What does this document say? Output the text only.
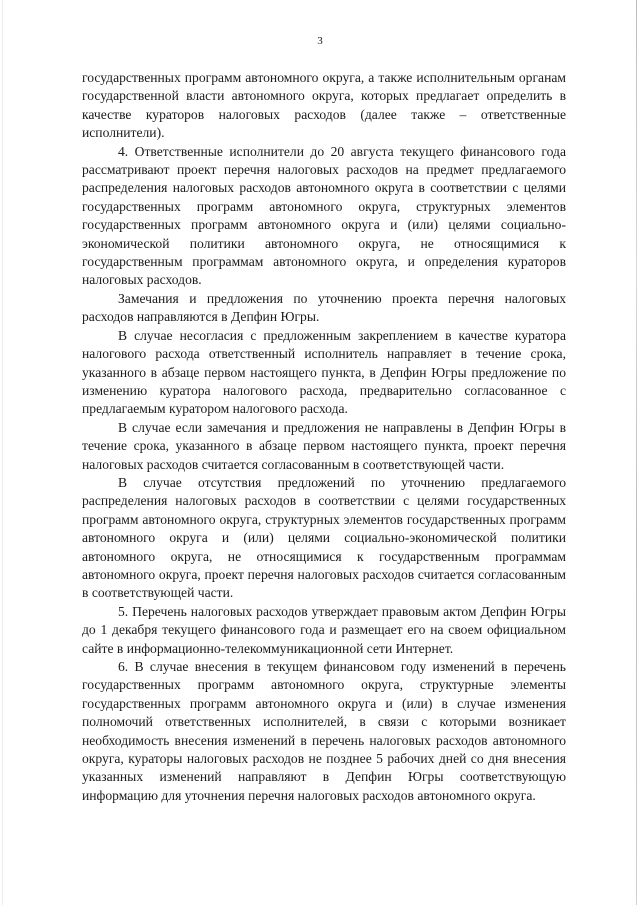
3

государственных программ автономного округа, а также исполнительным органам государственной власти автономного округа, которых предлагает определить в качестве кураторов налоговых расходов (далее также – ответственные исполнители).

4. Ответственные исполнители до 20 августа текущего финансового года рассматривают проект перечня налоговых расходов на предмет предлагаемого распределения налоговых расходов автономного округа в соответствии с целями государственных программ автономного округа, структурных элементов государственных программ автономного округа и (или) целями социально-экономической политики автономного округа, не относящимися к государственным программам автономного округа, и определения кураторов налоговых расходов.

Замечания и предложения по уточнению проекта перечня налоговых расходов направляются в Депфин Югры.

В случае несогласия с предложенным закреплением в качестве куратора налогового расхода ответственный исполнитель направляет в течение срока, указанного в абзаце первом настоящего пункта, в Депфин Югры предложение по изменению куратора налогового расхода, предварительно согласованное с предлагаемым куратором налогового расхода.

В случае если замечания и предложения не направлены в Депфин Югры в течение срока, указанного в абзаце первом настоящего пункта, проект перечня налоговых расходов считается согласованным в соответствующей части.

В случае отсутствия предложений по уточнению предлагаемого распределения налоговых расходов в соответствии с целями государственных программ автономного округа, структурных элементов государственных программ автономного округа и (или) целями социально-экономической политики автономного округа, не относящимися к государственным программам автономного округа, проект перечня налоговых расходов считается согласованным в соответствующей части.

5. Перечень налоговых расходов утверждает правовым актом Депфин Югры до 1 декабря текущего финансового года и размещает его на своем официальном сайте в информационно-телекоммуникационной сети Интернет.

6. В случае внесения в текущем финансовом году изменений в перечень государственных программ автономного округа, структурные элементы государственных программ автономного округа и (или) в случае изменения полномочий ответственных исполнителей, в связи с которыми возникает необходимость внесения изменений в перечень налоговых расходов автономного округа, кураторы налоговых расходов не позднее 5 рабочих дней со дня внесения указанных изменений направляют в Депфин Югры соответствующую информацию для уточнения перечня налоговых расходов автономного округа.
